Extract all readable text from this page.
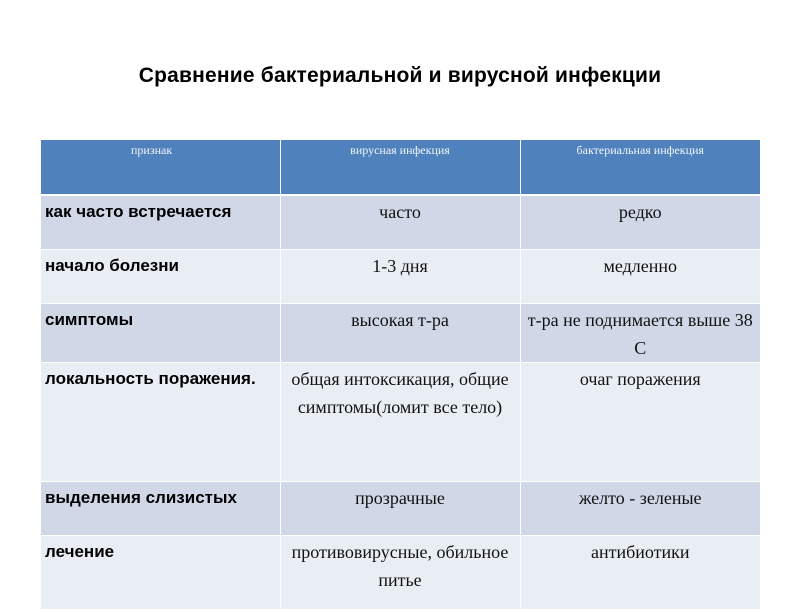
Сравнение бактериальной и вирусной инфекции
признак	вирусная инфекция	бактериальная инфекция
как часто встречается	часто	редко
начало болезни	1-3 дня	медленно
симптомы	высокая т-ра	т-ра не поднимается выше 38 С
локальность поражения.	общая интоксикация, общие симптомы(ломит все тело)	очаг поражения
выделения слизистых	прозрачные	желто - зеленые
лечение	противовирусные, обильное питье	антибиотики
